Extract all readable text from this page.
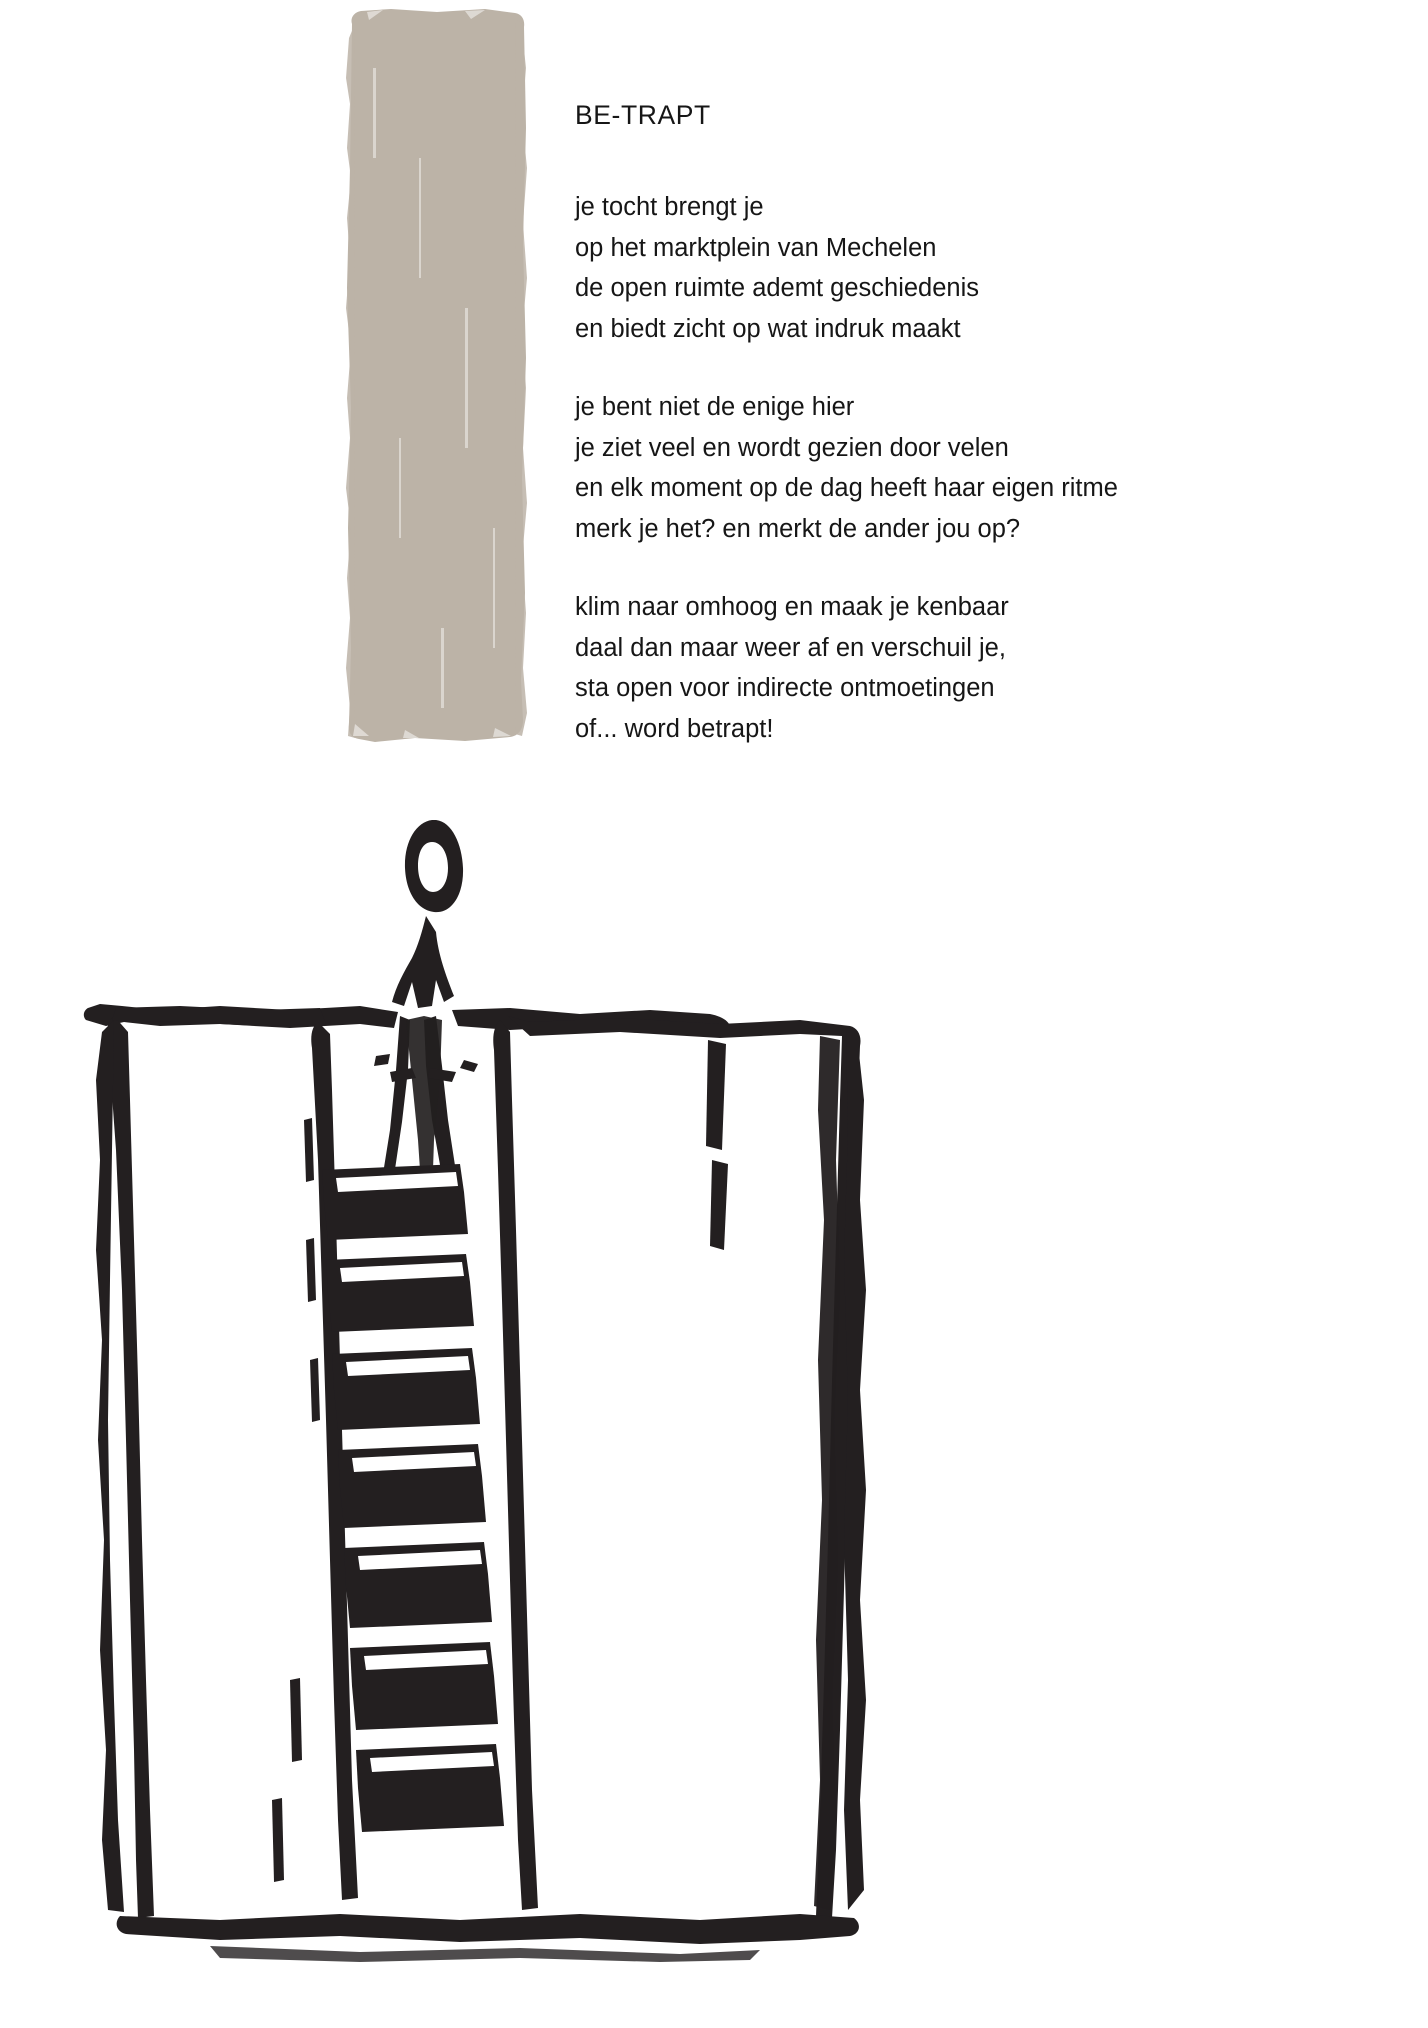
BE-TRAPT
je tocht brengt je
op het marktplein van Mechelen
de open ruimte ademt geschiedenis
en biedt zicht op wat indruk maakt
je bent niet de enige hier
je ziet veel en wordt gezien door velen
en elk moment op de dag heeft haar eigen ritme
merk je het? en merkt de ander jou op?
klim naar omhoog en maak je kenbaar
daal dan maar weer af en verschuil je,
sta open voor indirecte ontmoetingen
of... word betrapt!
